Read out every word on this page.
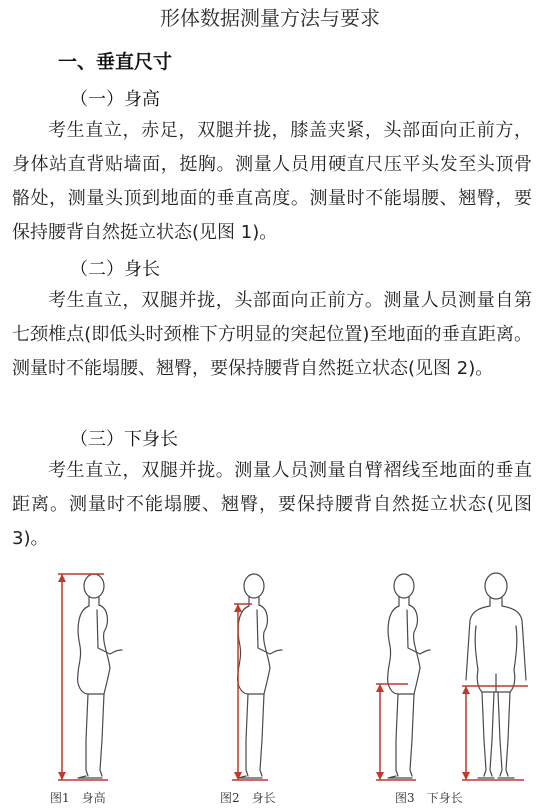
形体数据测量方法与要求
一、垂直尺寸
（一）身高
考生直立，赤足，双腿并拢，膝盖夹紧，头部面向正前方，身体站直背贴墙面，挺胸。测量人员用硬直尺压平头发至头顶骨骼处，测量头顶到地面的垂直高度。测量时不能塌腰、翘臀，要保持腰背自然挺立状态(见图 1)。
（二）身长
考生直立，双腿并拢，头部面向正前方。测量人员测量自第七颈椎点(即低头时颈椎下方明显的突起位置)至地面的垂直距离。测量时不能塌腰、翘臀，要保持腰背自然挺立状态(见图 2)。
（三）下身长
考生直立，双腿并拢。测量人员测量自臂褶线至地面的垂直距离。测量时不能塌腰、翘臀，要保持腰背自然挺立状态(见图 3)。
图1 身高	图2 身长	图3 下身长
